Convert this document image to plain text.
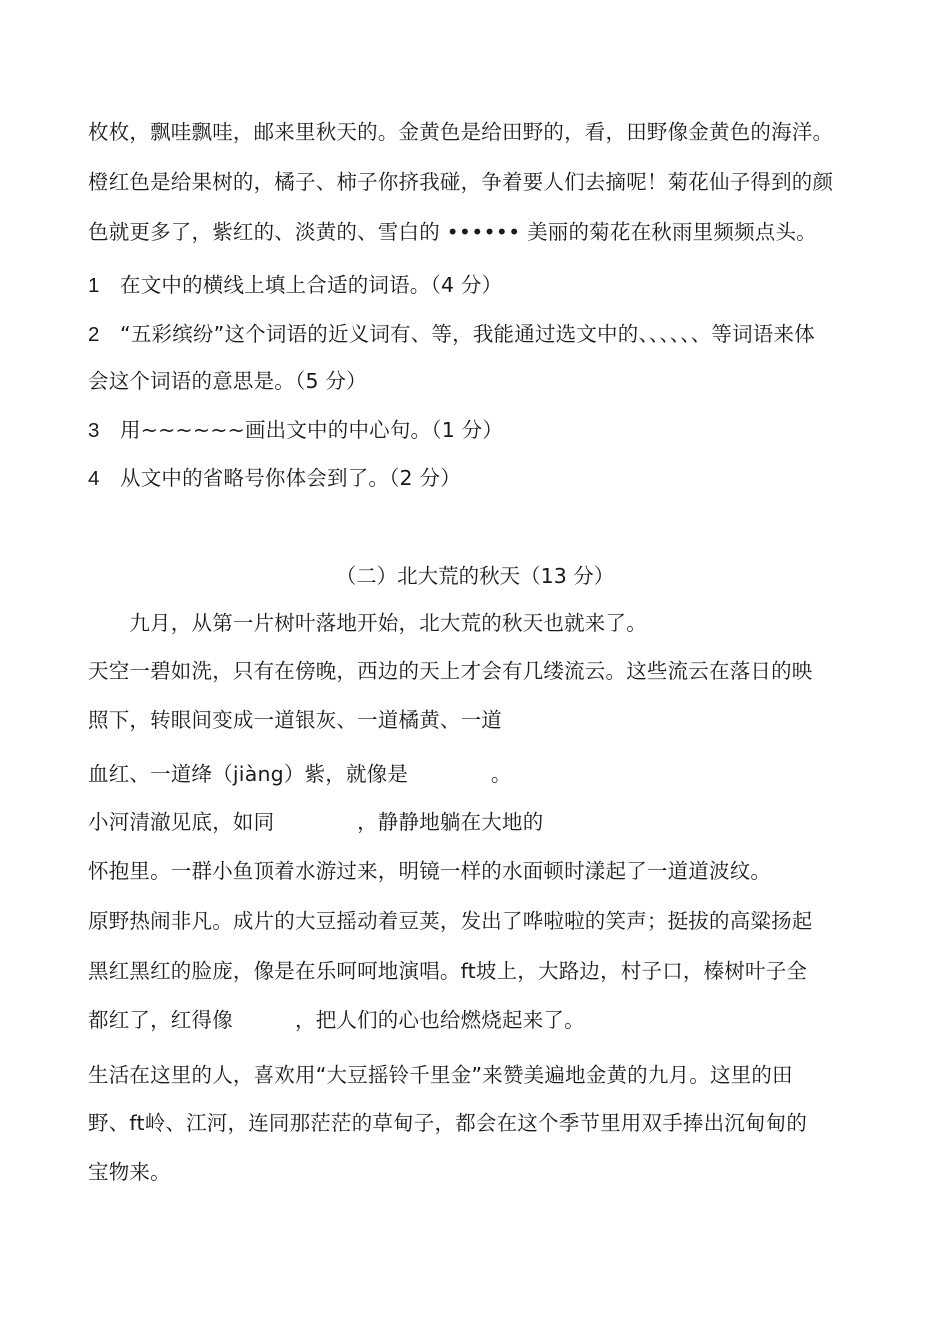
枚枚，飘哇飘哇，邮来里秋天的。金黄色是给田野的，看，田野像金黄色的海洋。
橙红色是给果树的，橘子、柿子你挤我碰，争着要人们去摘呢！菊花仙子得到的颜
色就更多了，紫红的、淡黄的、雪白的 •••••• 美丽的菊花在秋雨里频频点头。
1 在文中的横线上填上合适的词语。（4 分）
2 “五彩缤纷”这个词语的近义词有、等，我能通过选文中的、、、、、、等词语来体
会这个词语的意思是。（5 分）
3 用~~~~~~画出文中的中心句。（1 分）
4 从文中的省略号你体会到了。（2 分）
（二）北大荒的秋天（13 分）
　　九月，从第一片树叶落地开始，北大荒的秋天也就来了。
天空一碧如洗，只有在傍晚，西边的天上才会有几缕流云。这些流云在落日的映
照下，转眼间变成一道银灰、一道橘黄、一道
血红、一道绛（jiàng）紫，就像是　　　　。
小河清澈见底，如同　　　　，静静地躺在大地的
怀抱里。一群小鱼顶着水游过来，明镜一样的水面顿时漾起了一道道波纹。
原野热闹非凡。成片的大豆摇动着豆荚，发出了哗啦啦的笑声；挺拔的高粱扬起
黑红黑红的脸庞，像是在乐呵呵地演唱。ft坡上，大路边，村子口，榛树叶子全
都红了，红得像　　　，把人们的心也给燃烧起来了。
生活在这里的人，喜欢用“大豆摇铃千里金”来赞美遍地金黄的九月。这里的田
野、ft岭、江河，连同那茫茫的草甸子，都会在这个季节里用双手捧出沉甸甸的
宝物来。
